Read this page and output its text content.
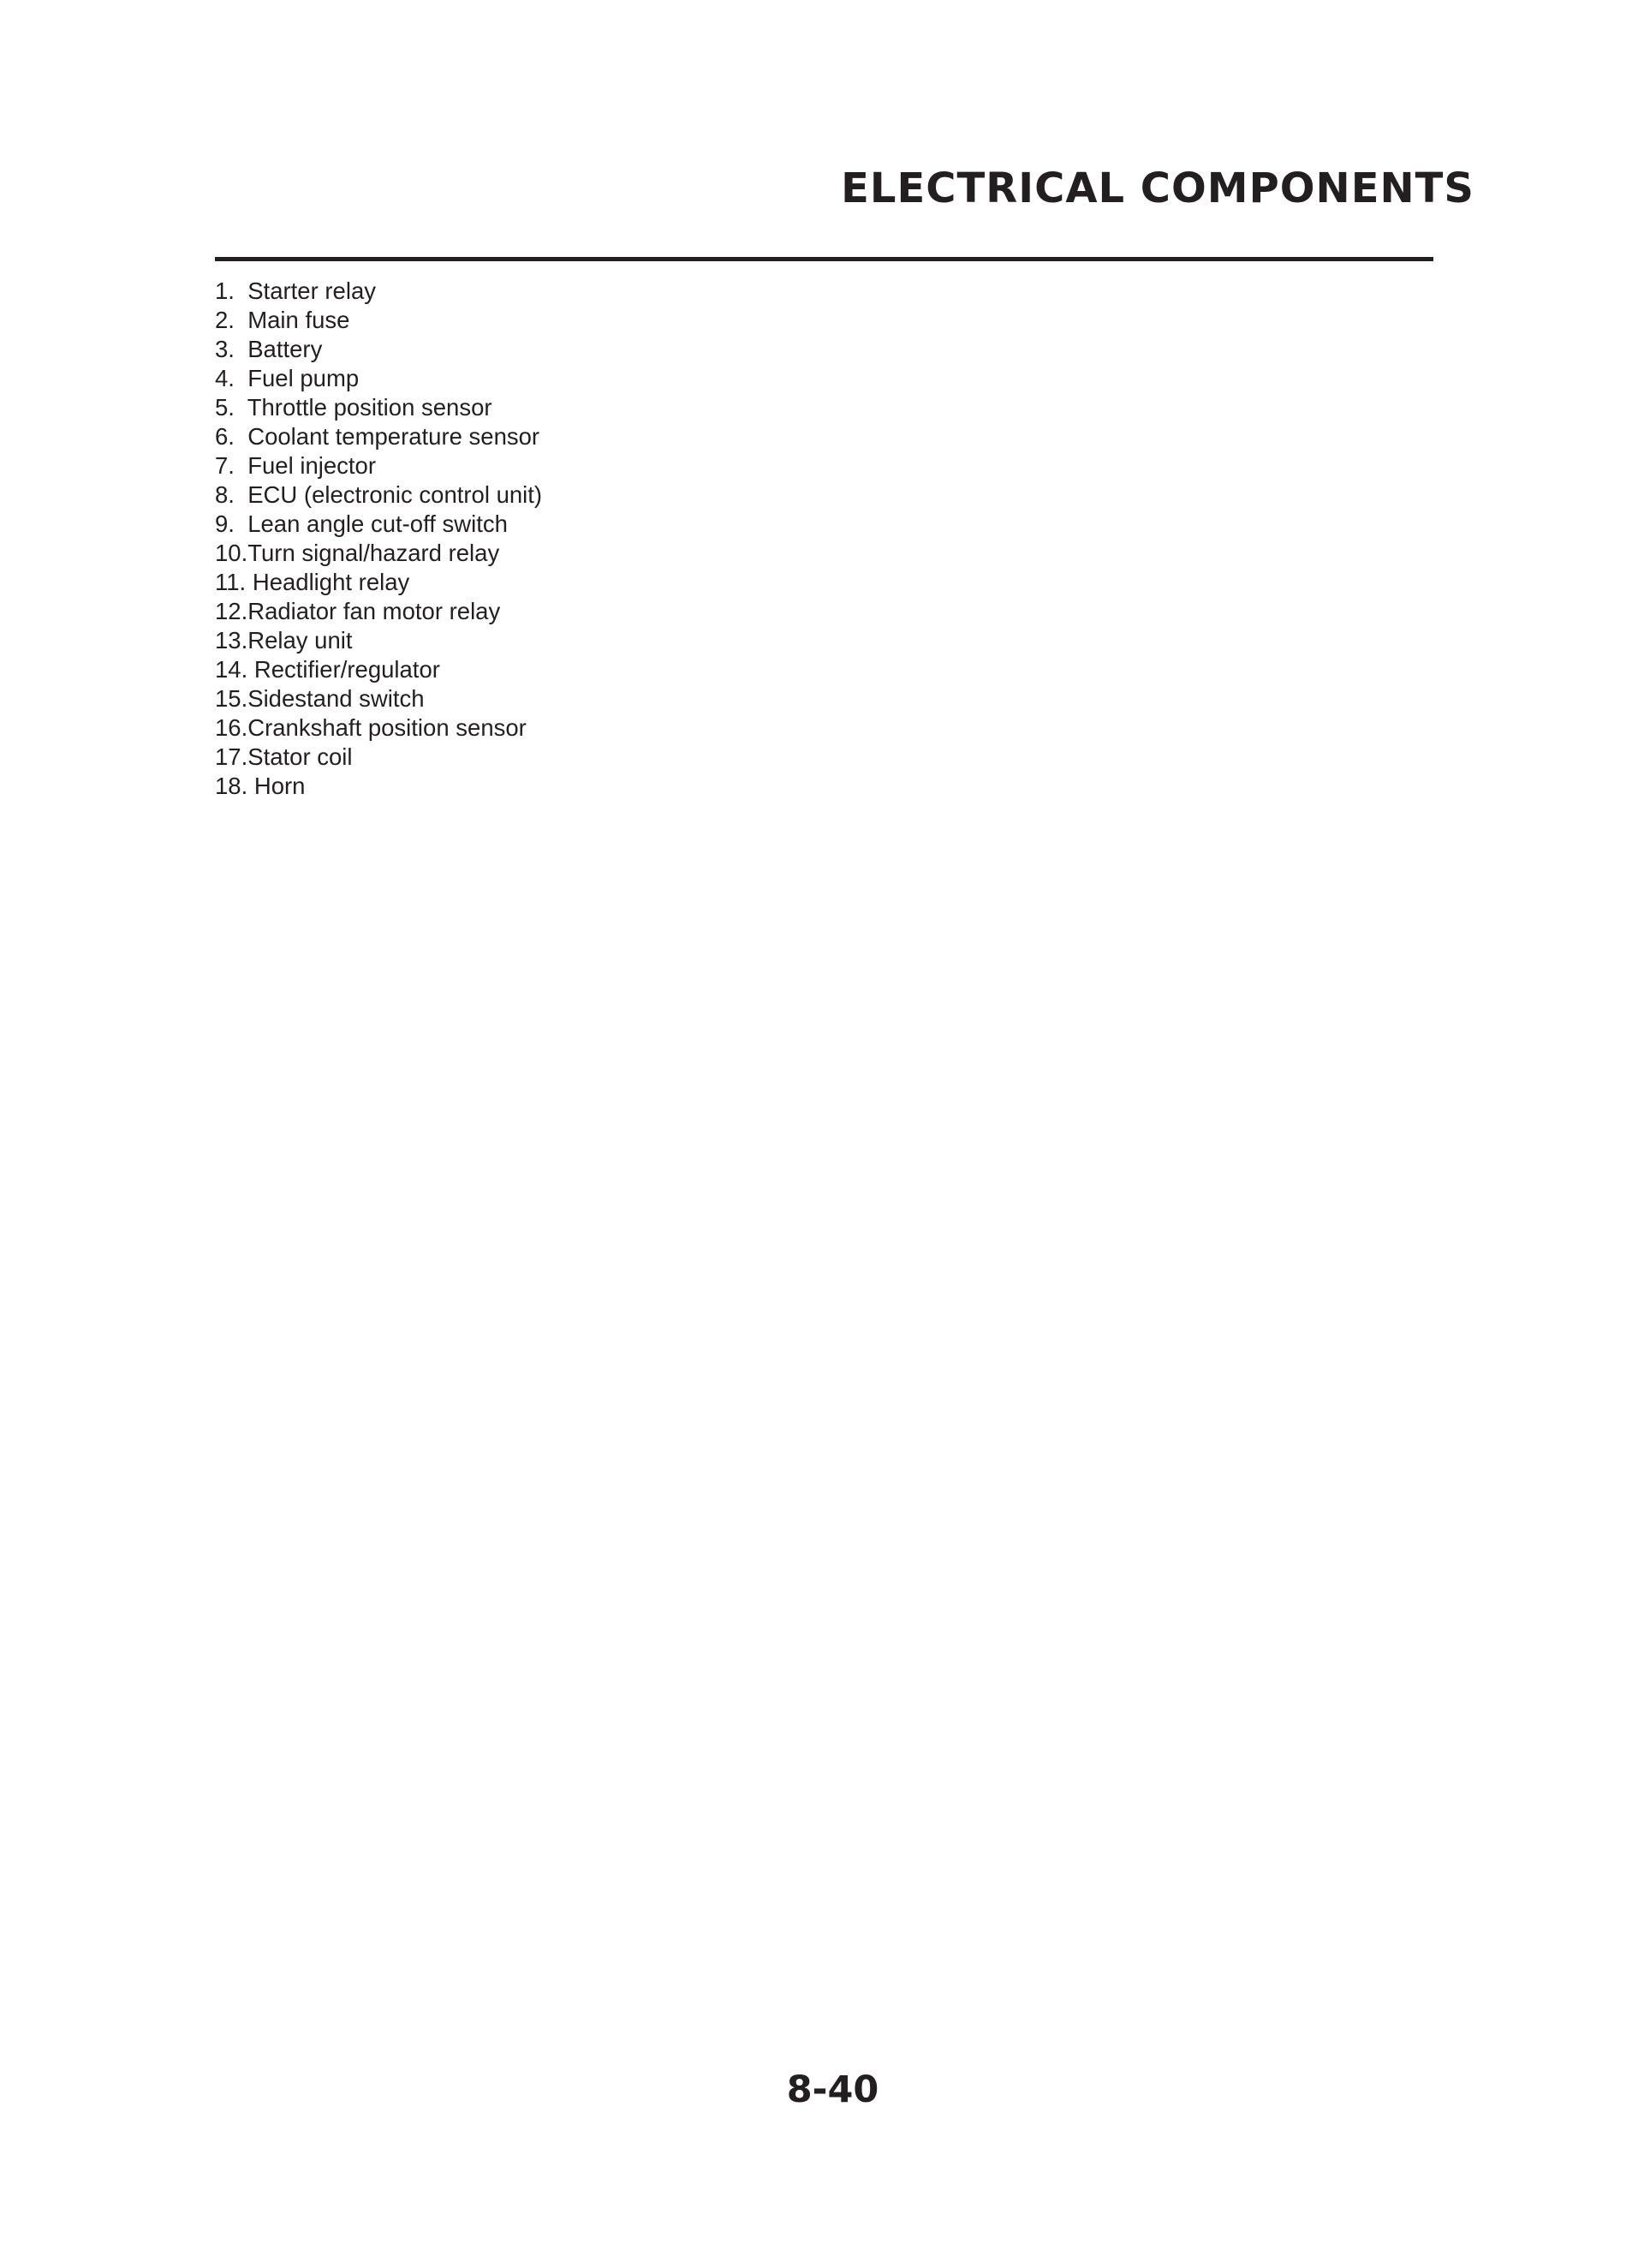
ELECTRICAL COMPONENTS
1.  Starter relay
2.  Main fuse
3.  Battery
4.  Fuel pump
5.  Throttle position sensor
6.  Coolant temperature sensor
7.  Fuel injector
8.  ECU (electronic control unit)
9.  Lean angle cut-off switch
10.Turn signal/hazard relay
11. Headlight relay
12.Radiator fan motor relay
13.Relay unit
14. Rectifier/regulator
15.Sidestand switch
16.Crankshaft position sensor
17.Stator coil
18. Horn
8-40
